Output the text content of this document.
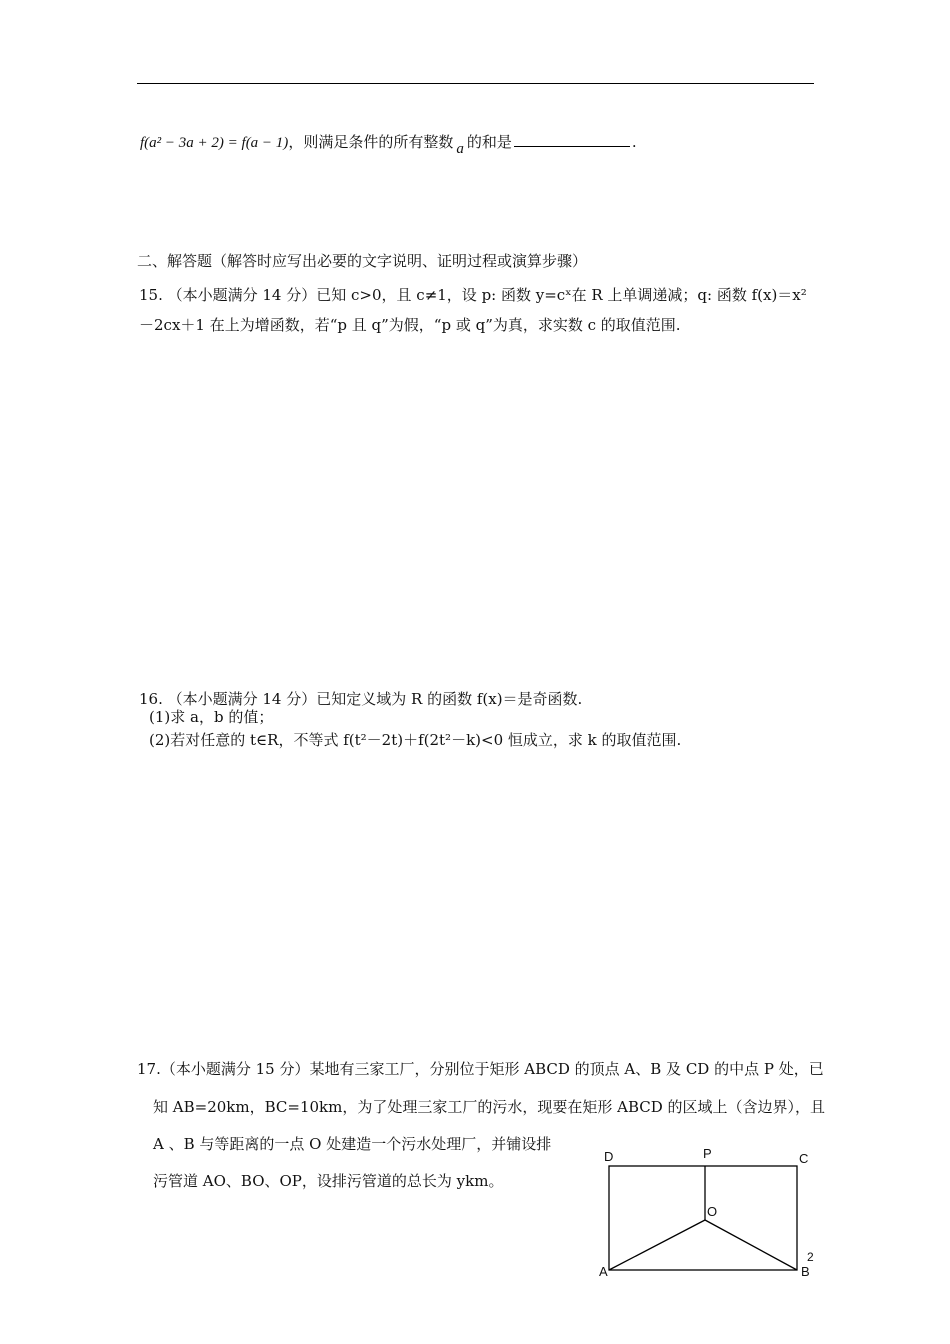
f(a² − 3a + 2) = f(a − 1)，则满足条件的所有整数 a 的和是	.
二、解答题（解答时应写出必要的文字说明、证明过程或演算步骤）
15. （本小题满分 14 分）已知 c>0，且 c≠1，设 p: 函数 y=cˣ在 R 上单调递减；q: 函数 f(x)＝x²
－2cx＋1 在上为增函数，若“p 且 q”为假，“p 或 q”为真，求实数 c 的取值范围.
16. （本小题满分 14 分）已知定义域为 R 的函数 f(x)＝是奇函数.
(1)求 a，b 的值；
(2)若对任意的 t∈R，不等式 f(t²－2t)＋f(2t²－k)<0 恒成立，求 k 的取值范围.
17.（本小题满分 15 分）某地有三家工厂，分别位于矩形 ABCD 的顶点 A、B 及 CD 的中点 P 处，已
知 AB=20km，BC=10km，为了处理三家工厂的污水，现要在矩形 ABCD 的区域上（含边界），且
A 、B 与等距离的一点 O 处建造一个污水处理厂，并铺设排
污管道 AO、BO、OP，设排污管道的总长为 ykm。
D	P	C
O
A	B
2
